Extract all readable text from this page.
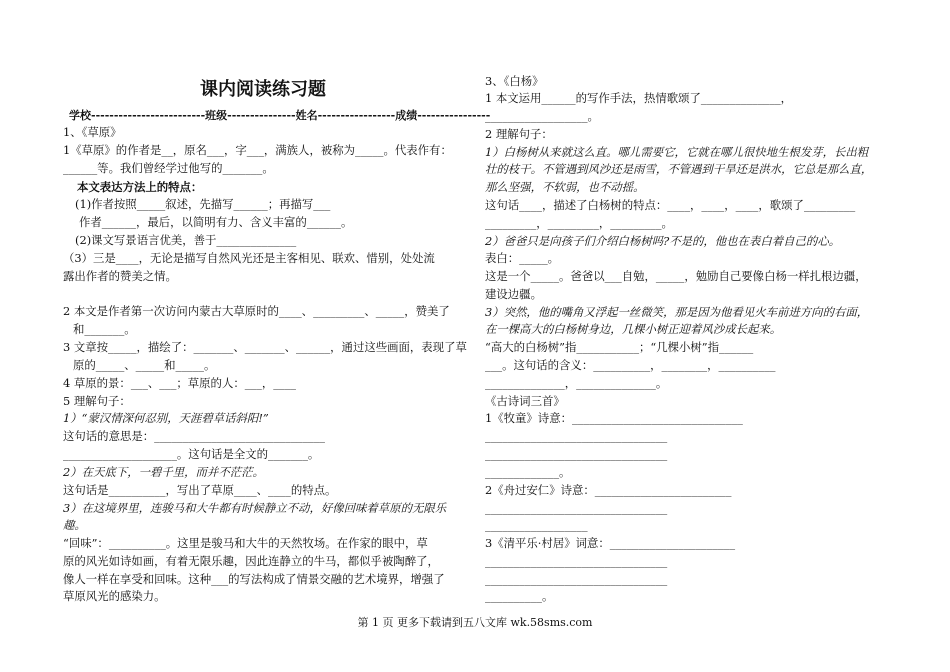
课内阅读练习题
学校-------------------------班级---------------姓名-----------------成绩----------------
1、《草原》
1《草原》的作者是__，原名___，字___，满族人，被称为_____。代表作有：
______等。我们曾经学过他写的_______。
本文表达方法上的特点：
(1)作者按照_____叙述，先描写______；再描写___
作者______，最后，以简明有力、含义丰富的______。
(2)课文写景语言优美，善于______________
（3）三是____，无论是描写自然风光还是主客相见、联欢、惜别，处处流
露出作者的赞美之情。
2 本文是作者第一次访问内蒙古大草原时的____、_________、_____，赞美了
和_______。
3 文章按_____，描绘了：_______、_______、______，通过这些画面，表现了草
原的_____、_____和_____。
4 草原的景：___、___；草原的人：___，____
5 理解句子：
1）“蒙汉情深何忍别，天涯碧草话斜阳!”
这句话的意思是：______________________________
____________________。这句话是全文的_______。
2）在天底下，一碧千里，而并不茫茫。
这句话是__________，写出了草原____、____的特点。
3）在这境界里，连骏马和大牛都有时候静立不动，好像回味着草原的无限乐
趣。
“回味”：__________。这里是骏马和大牛的天然牧场。在作家的眼中，草
原的风光如诗如画，有着无限乐趣，因此连静立的牛马，都似乎被陶醉了，
像人一样在享受和回味。这种___的写法构成了情景交融的艺术境界，增强了
草原风光的感染力。
3、《白杨》
1 本文运用______的写作手法，热情歌颂了______________，
__________________。
2 理解句子：
1）白杨树从来就这么直。哪儿需要它，它就在哪儿很快地生根发芽，长出粗
壮的枝干。不管遇到风沙还是雨雪，不管遇到干旱还是洪水，它总是那么直，
那么坚强，不软弱，也不动摇。
这句话____，描述了白杨树的特点：____，____，____，歌颂了_________
_________，_________，_________。
2）爸爸只是向孩子们介绍白杨树吗?不是的，他也在表白着自己的心。
表白：_____。
这是一个_____。爸爸以___自勉，_____，勉励自己要像白杨一样扎根边疆，
建设边疆。
3）突然，他的嘴角又浮起一丝微笑，那是因为他看见火车前进方向的右面，
在一棵高大的白杨树身边，几棵小树正迎着风沙成长起来。
“高大的白杨树”指___________；“几棵小树”指______
___。这句话的含义：__________，________，__________
______________，______________。
《古诗词三首》
1《牧童》诗意：______________________________
________________________________
________________________________
_____________。
2《舟过安仁》诗意：________________________
________________________________
__________________
3《清平乐·村居》词意：______________________
________________________________
________________________________
__________。
第 1 页 更多下载请到五八文库 wk.58sms.com
